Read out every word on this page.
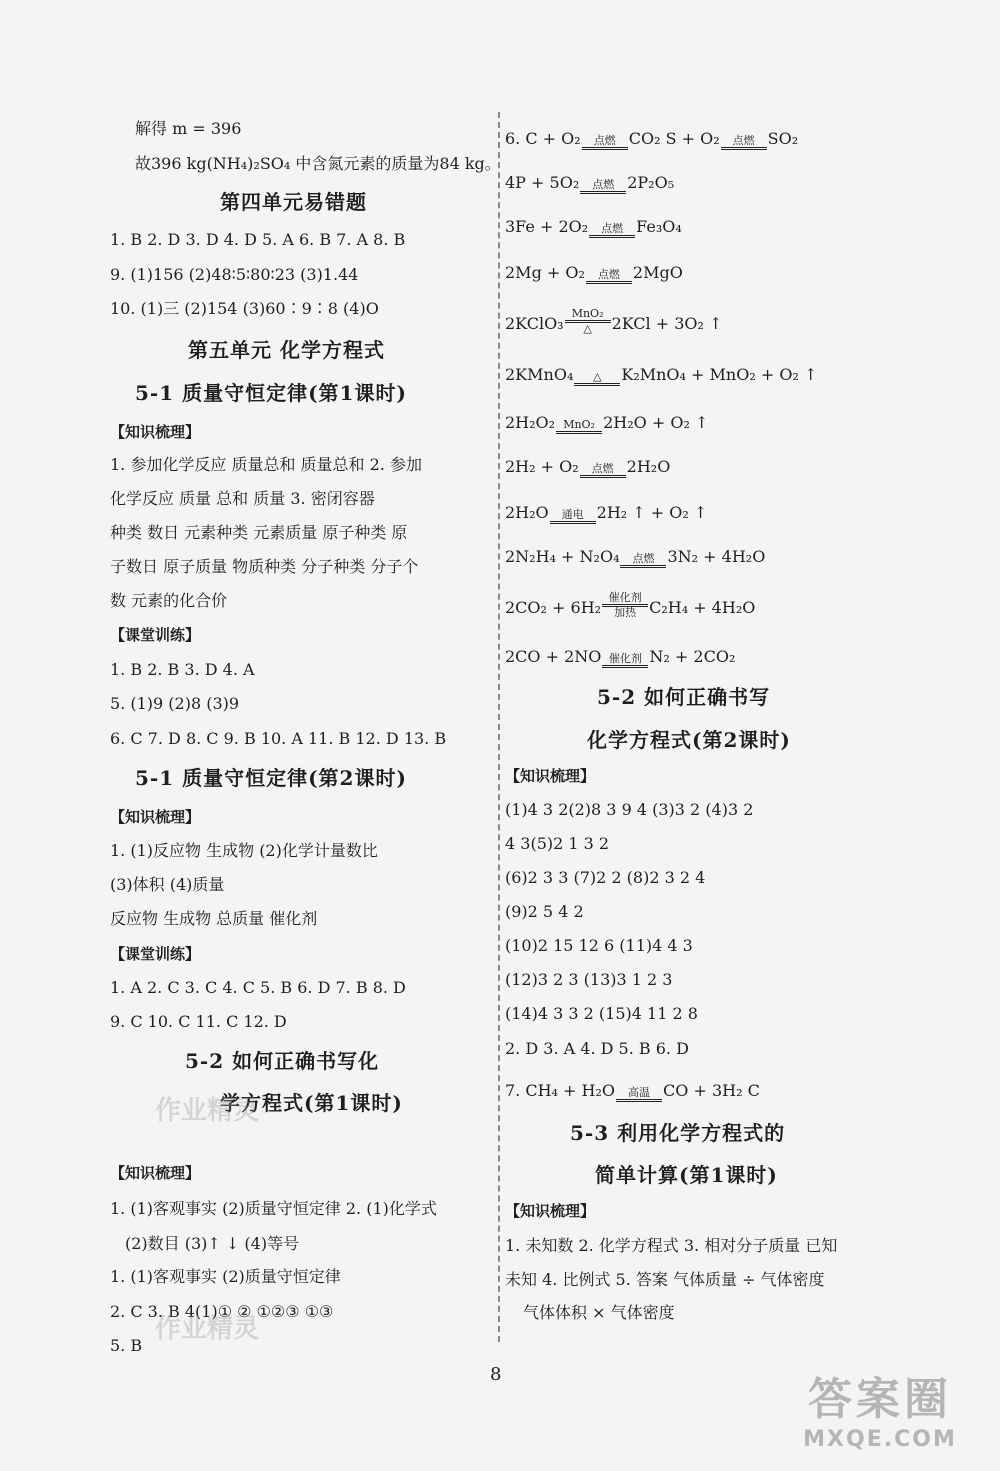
解得 m = 396
故396 kg(NH₄)₂SO₄ 中含氮元素的质量为84 kg。
第四单元易错题
1. B 2. D 3. D 4. D 5. A 6. B 7. A 8. B
9. (1)156 (2)48∶5∶80∶23 (3)1.44
10. (1)三 (2)154 (3)60∶9∶8 (4)O
第五单元 化学方程式
5-1 质量守恒定律(第1课时)
【知识梳理】
1. 参加化学反应 质量总和 质量总和 2. 参加
化学反应 质量 总和 质量 3. 密闭容器
种类 数日 元素种类 元素质量 原子种类 原
子数日 原子质量 物质种类 分子种类 分子个
数 元素的化合价
【课堂训练】
1. B 2. B 3. D 4. A
5. (1)9 (2)8 (3)9
6. C 7. D 8. C 9. B 10. A 11. B 12. D 13. B
5-1 质量守恒定律(第2课时)
【知识梳理】
1. (1)反应物 生成物 (2)化学计量数比
(3)体积 (4)质量
反应物 生成物 总质量 催化剂
【课堂训练】
1. A 2. C 3. C 4. C 5. B 6. D 7. B 8. D
9. C 10. C 11. C 12. D
5-2 如何正确书写化
学方程式(第1课时)
作业精灵
【知识梳理】
1. (1)客观事实 (2)质量守恒定律 2. (1)化学式
(2)数目 (3)↑ ↓ (4)等号
1. (1)客观事实 (2)质量守恒定律
2. C 3. B 4(1)① ② ①②③ ①③
作业精灵
5. B
6. C + O₂	点燃 CO₂ S + O₂	点燃 SO₂
4P + 5O₂	点燃 2P₂O₅
3Fe + 2O₂	点燃 Fe₃O₄
2Mg + O₂	点燃 2MgO
2KClO₃
MnO₂
△	2KCl + 3O₂ ↑
2KMnO₄	△	K₂MnO₄ + MnO₂ + O₂ ↑
2H₂O₂ MnO₂ 2H₂O + O₂ ↑
2H₂ + O₂	点燃 2H₂O
2H₂O	通电 2H₂ ↑ + O₂ ↑
2N₂H₄ + N₂O₄	点燃 3N₂ + 4H₂O
2CO₂ + 6H₂
催化剂
加热 C₂H₄ + 4H₂O
2CO + 2NO 催化剂 N₂ + 2CO₂
5-2 如何正确书写
化学方程式(第2课时)
【知识梳理】
(1)4 3 2(2)8 3 9 4 (3)3 2 (4)3 2
4 3(5)2 1 3 2
(6)2 3 3 (7)2 2 (8)2 3 2 4
(9)2 5 4 2
(10)2 15 12 6 (11)4 4 3
(12)3 2 3 (13)3 1 2 3
(14)4 3 3 2 (15)4 11 2 8
2. D 3. A 4. D 5. B 6. D
7. CH₄ + H₂O	高温 CO + 3H₂ C
5-3 利用化学方程式的
简单计算(第1课时)
【知识梳理】
1. 未知数 2. 化学方程式 3. 相对分子质量 已知
未知 4. 比例式 5. 答案 气体质量 ÷ 气体密度
气体体积 × 气体密度
8	答案圈
MXQE.COM
